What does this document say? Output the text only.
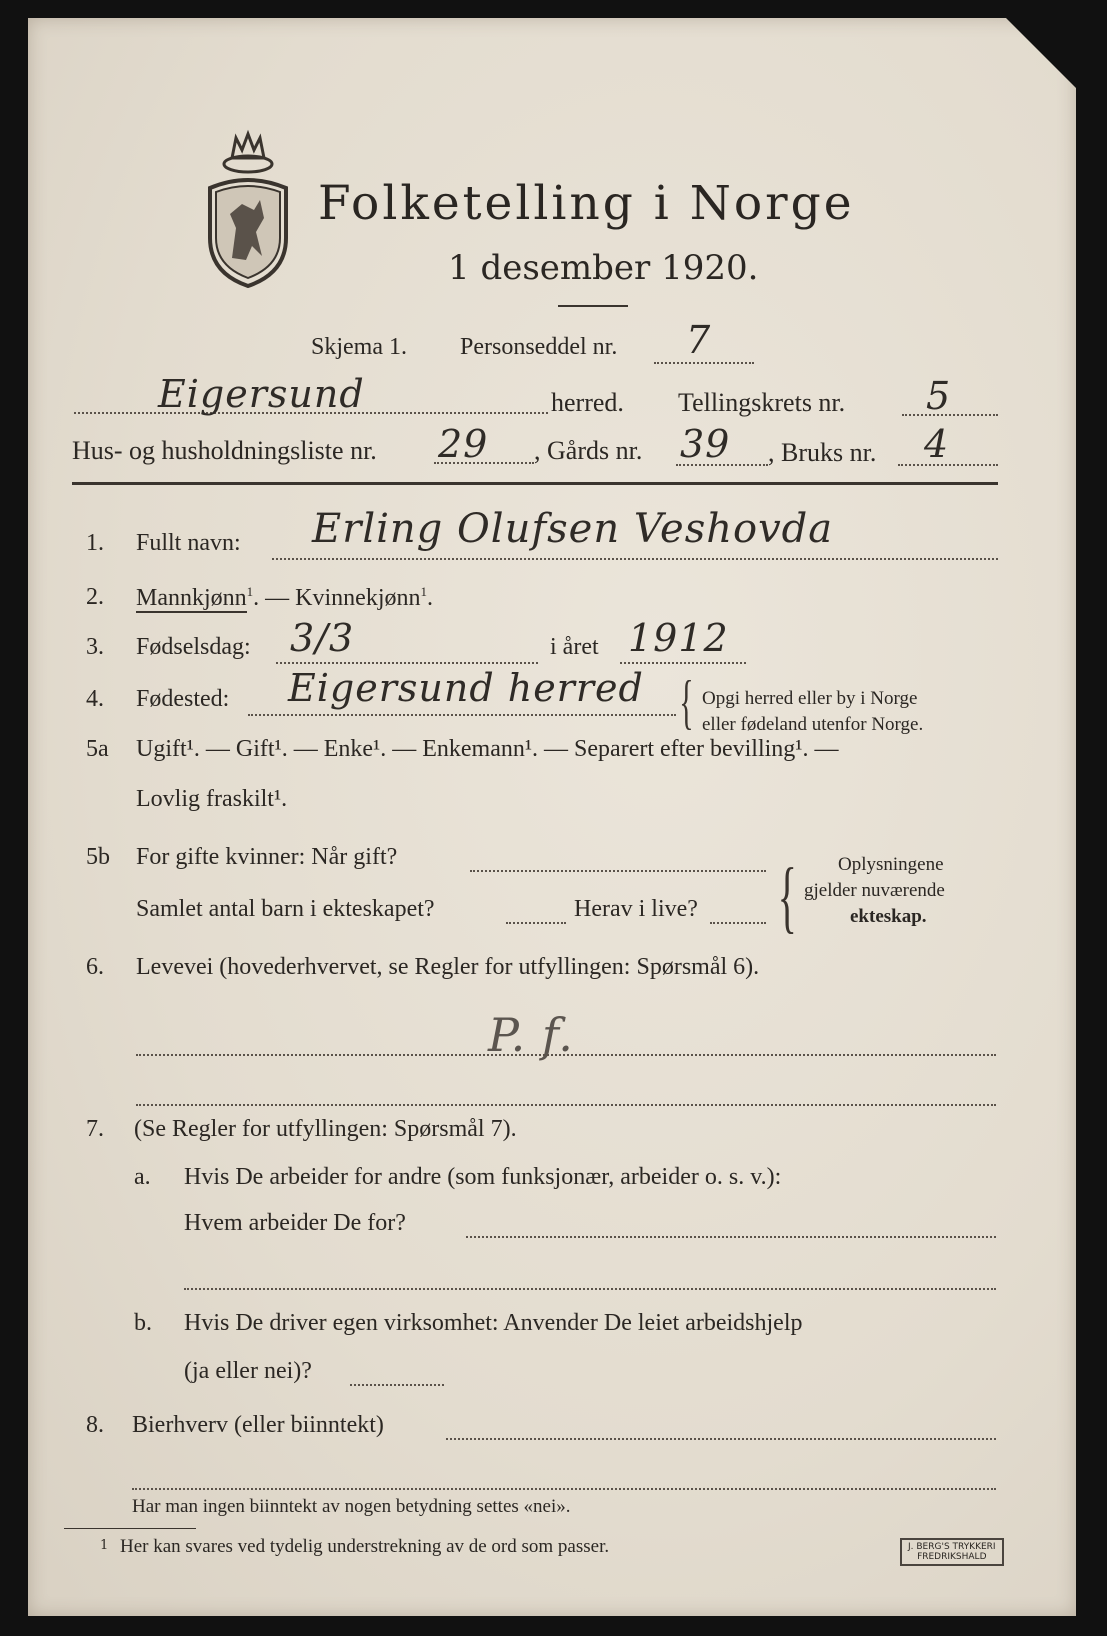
Folketelling i Norge
1 desember 1920.
Skjema 1. Personseddel nr. 7
Eigersund	herred. Tellingskrets nr. 5
Hus- og husholdningsliste nr. 29 , Gårds nr. 39 , Bruks nr. 4
1. Fullt navn: Erling Olufsen Veshovda
2. Mannkjønn$^1$. — Kvinnekjønn$^1$.
3. Fødselsdag: 3/3	i året 1912
4. Fødested: Eigersund herred { Opgi herred eller by i Norge
eller fødeland utenfor Norge.
5a Ugift¹. — Gift¹. — Enke¹. — Enkemann¹. — Separert efter bevilling¹. —
Lovlig fraskilt¹.
5b For gifte kvinner: Når gift?
Samlet antal barn i ekteskapet?	Herav i live? { Oplysningene
gjelder nuværende
ekteskap.
6. Levevei (hovederhvervet, se Regler for utfyllingen: Spørsmål 6).
P. f.
7. (Se Regler for utfyllingen: Spørsmål 7).
a. Hvis De arbeider for andre (som funksjonær, arbeider o. s. v.):
Hvem arbeider De for?
b. Hvis De driver egen virksomhet: Anvender De leiet arbeidshjelp
(ja eller nei)?
8. Bierhverv (eller biinntekt)
Har man ingen biinntekt av nogen betydning settes «nei».
1 Her kan svares ved tydelig understrekning av de ord som passer.	J. BERG'S TRYKKERI
FREDRIKSHALD
